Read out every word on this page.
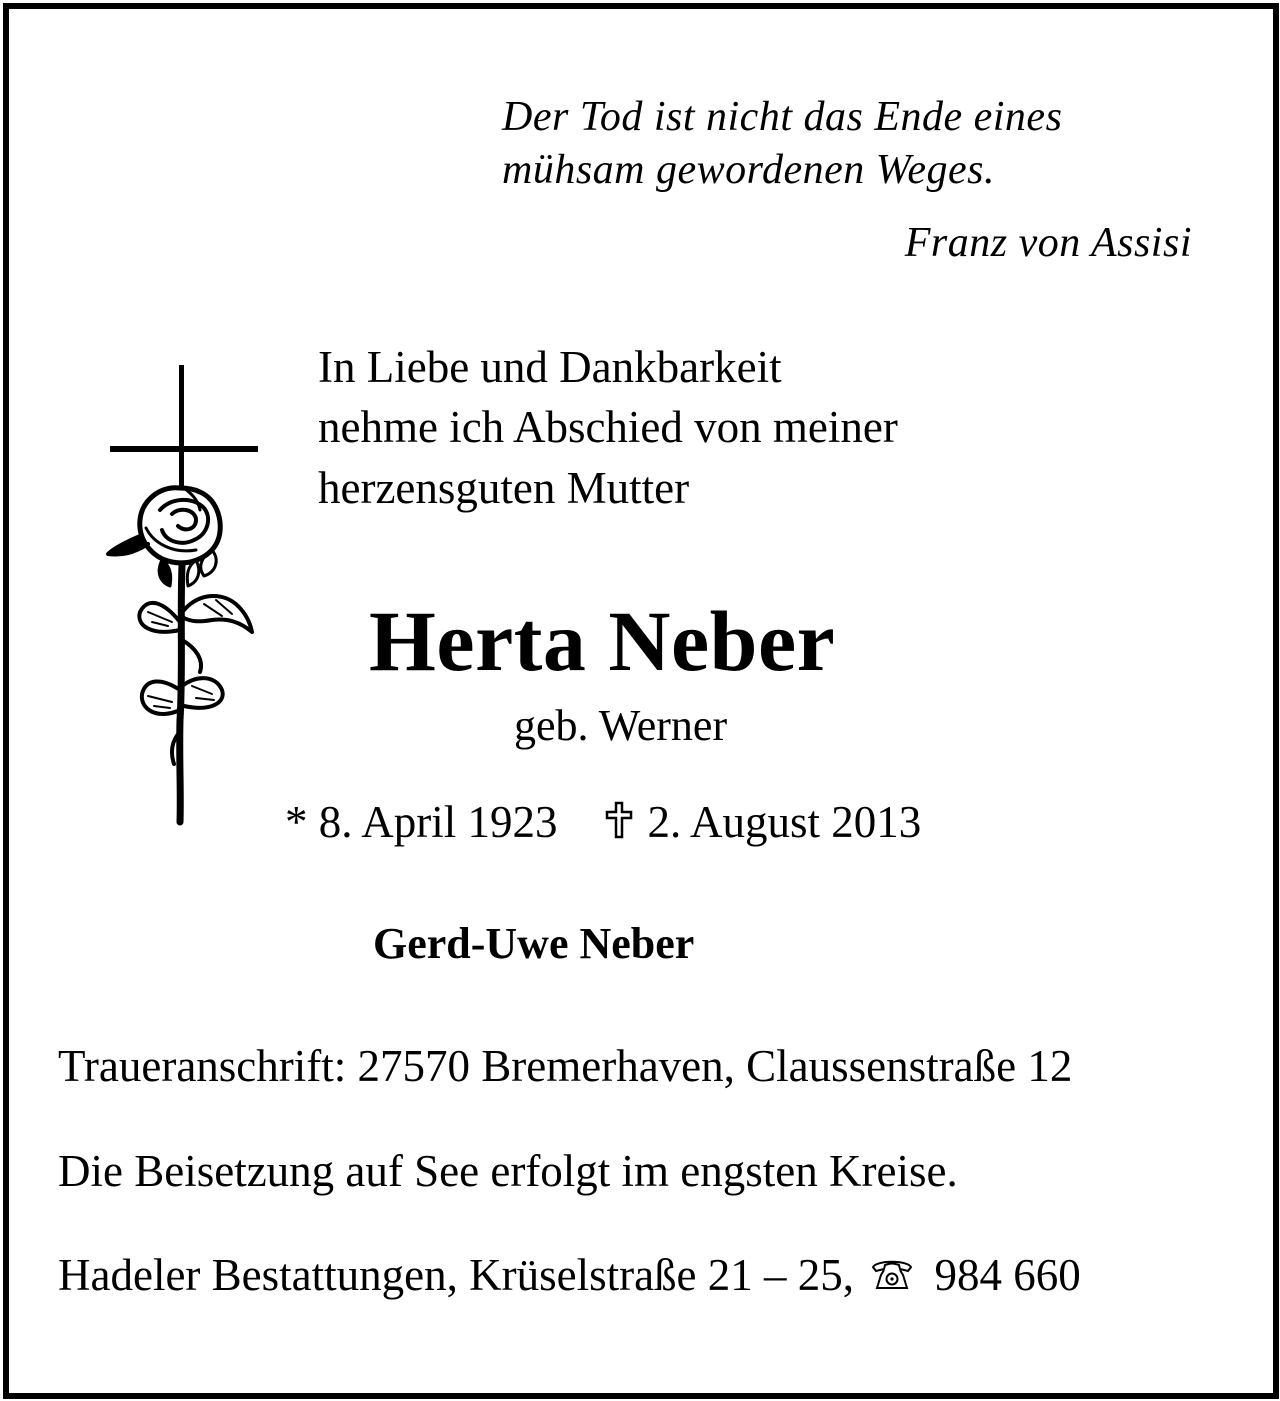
Der Tod ist nicht das Ende eines

mühsam gewordenen Weges.

Franz von Assisi

In Liebe und Dankbarkeit

nehme ich Abschied von meiner

herzensguten Mutter

Herta Neber

geb. Werner

* 8. April 1923 2. August 2013

Gerd-Uwe Neber

Traueranschrift: 27570 Bremerhaven, Claussenstraße 12

Die Beisetzung auf See erfolgt im engsten Kreise.

Hadeler Bestattungen, Krüselstraße 21 – 25, 984 660
